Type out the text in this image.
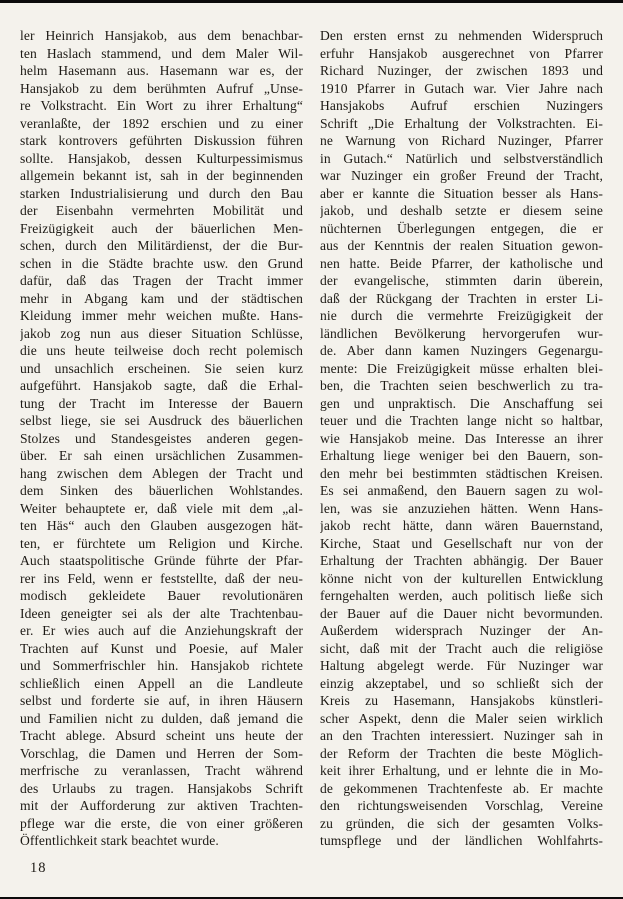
ler Heinrich Hansjakob, aus dem benachbar-
ten Haslach stammend, und dem Maler Wil-
helm Hasemann aus. Hasemann war es, der
Hansjakob zu dem berühmten Aufruf „Unse-
re Volkstracht. Ein Wort zu ihrer Erhaltung“
veranlaßte, der 1892 erschien und zu einer
stark kontrovers geführten Diskussion führen
sollte. Hansjakob, dessen Kulturpessimismus
allgemein bekannt ist, sah in der beginnenden
starken Industrialisierung und durch den Bau
der Eisenbahn vermehrten Mobilität und
Freizügigkeit auch der bäuerlichen Men-
schen, durch den Militärdienst, der die Bur-
schen in die Städte brachte usw. den Grund
dafür, daß das Tragen der Tracht immer
mehr in Abgang kam und der städtischen
Kleidung immer mehr weichen mußte. Hans-
jakob zog nun aus dieser Situation Schlüsse,
die uns heute teilweise doch recht polemisch
und unsachlich erscheinen. Sie seien kurz
aufgeführt. Hansjakob sagte, daß die Erhal-
tung der Tracht im Interesse der Bauern
selbst liege, sie sei Ausdruck des bäuerlichen
Stolzes und Standesgeistes anderen gegen-
über. Er sah einen ursächlichen Zusammen-
hang zwischen dem Ablegen der Tracht und
dem Sinken des bäuerlichen Wohlstandes.
Weiter behauptete er, daß viele mit dem „al-
ten Häs“ auch den Glauben ausgezogen hät-
ten, er fürchtete um Religion und Kirche.
Auch staatspolitische Gründe führte der Pfar-
rer ins Feld, wenn er feststellte, daß der neu-
modisch gekleidete Bauer revolutionären
Ideen geneigter sei als der alte Trachtenbau-
er. Er wies auch auf die Anziehungskraft der
Trachten auf Kunst und Poesie, auf Maler
und Sommerfrischler hin. Hansjakob richtete
schließlich einen Appell an die Landleute
selbst und forderte sie auf, in ihren Häusern
und Familien nicht zu dulden, daß jemand die
Tracht ablege. Absurd scheint uns heute der
Vorschlag, die Damen und Herren der Som-
merfrische zu veranlassen, Tracht während
des Urlaubs zu tragen. Hansjakobs Schrift
mit der Aufforderung zur aktiven Trachten-
pflege war die erste, die von einer größeren
Öffentlichkeit stark beachtet wurde.
Den ersten ernst zu nehmenden Widerspruch
erfuhr Hansjakob ausgerechnet von Pfarrer
Richard Nuzinger, der zwischen 1893 und
1910 Pfarrer in Gutach war. Vier Jahre nach
Hansjakobs Aufruf erschien Nuzingers
Schrift „Die Erhaltung der Volkstrachten. Ei-
ne Warnung von Richard Nuzinger, Pfarrer
in Gutach.“ Natürlich und selbstverständlich
war Nuzinger ein großer Freund der Tracht,
aber er kannte die Situation besser als Hans-
jakob, und deshalb setzte er diesem seine
nüchternen Überlegungen entgegen, die er
aus der Kenntnis der realen Situation gewon-
nen hatte. Beide Pfarrer, der katholische und
der evangelische, stimmten darin überein,
daß der Rückgang der Trachten in erster Li-
nie durch die vermehrte Freizügigkeit der
ländlichen Bevölkerung hervorgerufen wur-
de. Aber dann kamen Nuzingers Gegenargu-
mente: Die Freizügigkeit müsse erhalten blei-
ben, die Trachten seien beschwerlich zu tra-
gen und unpraktisch. Die Anschaffung sei
teuer und die Trachten lange nicht so haltbar,
wie Hansjakob meine. Das Interesse an ihrer
Erhaltung liege weniger bei den Bauern, son-
den mehr bei bestimmten städtischen Kreisen.
Es sei anmaßend, den Bauern sagen zu wol-
len, was sie anzuziehen hätten. Wenn Hans-
jakob recht hätte, dann wären Bauernstand,
Kirche, Staat und Gesellschaft nur von der
Erhaltung der Trachten abhängig. Der Bauer
könne nicht von der kulturellen Entwicklung
ferngehalten werden, auch politisch ließe sich
der Bauer auf die Dauer nicht bevormunden.
Außerdem widersprach Nuzinger der An-
sicht, daß mit der Tracht auch die religiöse
Haltung abgelegt werde. Für Nuzinger war
einzig akzeptabel, und so schließt sich der
Kreis zu Hasemann, Hansjakobs künstleri-
scher Aspekt, denn die Maler seien wirklich
an den Trachten interessiert. Nuzinger sah in
der Reform der Trachten die beste Möglich-
keit ihrer Erhaltung, und er lehnte die in Mo-
de gekommenen Trachtenfeste ab. Er machte
den richtungsweisenden Vorschlag, Vereine
zu gründen, die sich der gesamten Volks-
tumspflege und der ländlichen Wohlfahrts-
18
